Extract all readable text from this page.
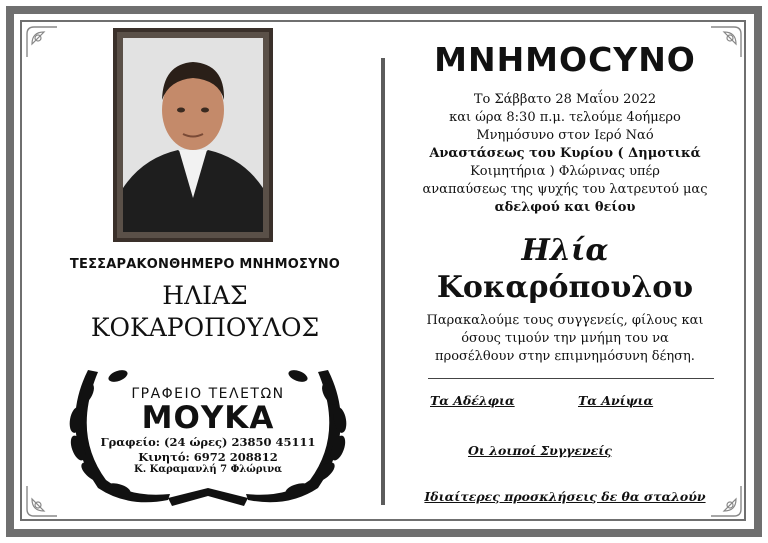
ΤΕΣΣΑΡΑΚΟΝΘΗΜΕΡΟ ΜΝΗΜΟΣΥΝΟ
ΗΛΙΑΣ
ΚΟΚΑΡΟΠΟΥΛΟΣ
ΓΡΑΦΕΙΟ ΤΕΛΕΤΩΝ
ΜΟΥΚΑ
Γραφείο: (24 ώρες) 23850 45111
Κινητό: 6972 208812
Κ. Καραμανλή 7 Φλώρινα
ΜΝΗΜΟCΥΝΟ
Το Σάββατο 28 Μαΐου 2022
και ώρα 8:30 π.μ. τελούμε 4οήμερο
Μνημόσυνο στον Ιερό Ναό
Αναστάσεως του Κυρίου ( Δημοτικά
Κοιμητήρια ) Φλώρινας υπέρ
αναπαύσεως της ψυχής του λατρευτού μας
αδελφού και θείου
Ηλία
Κοκαρόπουλου
Παρακαλούμε τους συγγενείς, φίλους και
όσους τιμούν την μνήμη του να
προσέλθουν στην επιμνημόσυνη δέηση.
Τα Αδέλφια	Τα Ανίψια
Οι λοιποί Συγγενείς
Ιδιαίτερες προσκλήσεις δε θα σταλούν
